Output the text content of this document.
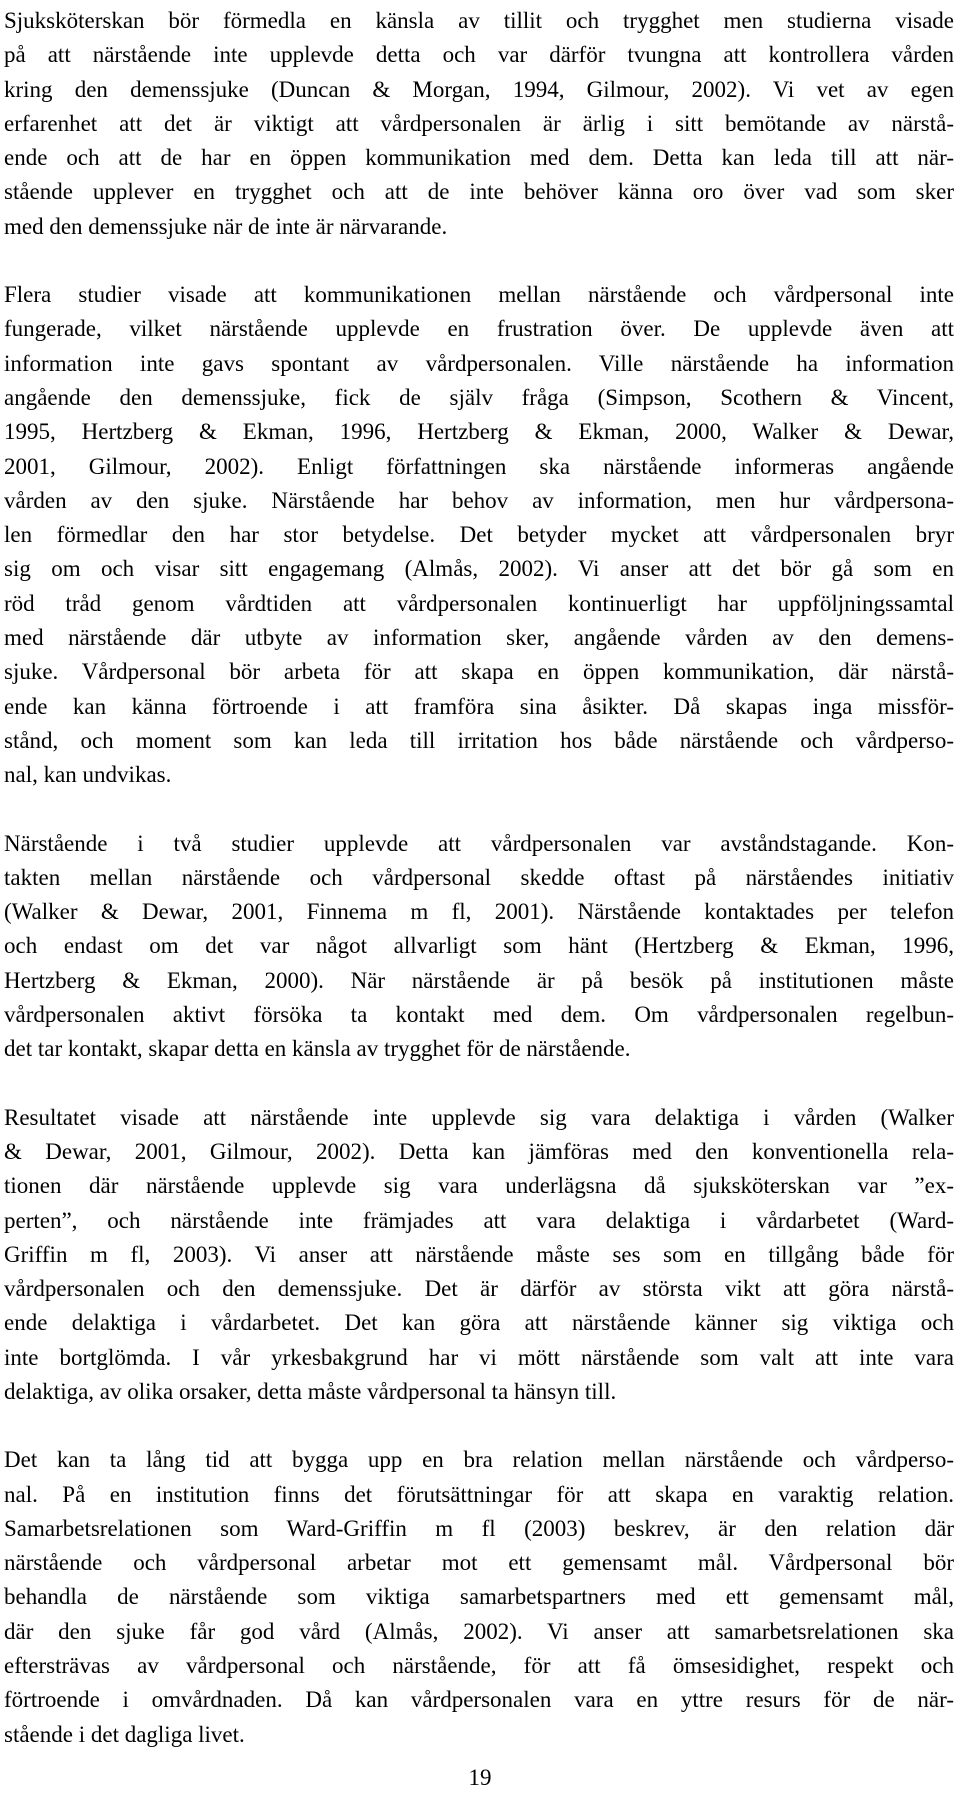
Sjuksköterskan bör förmedla en känsla av tillit och trygghet men studierna visade
på att närstående inte upplevde detta och var därför tvungna att kontrollera vården
kring den demenssjuke (Duncan & Morgan, 1994, Gilmour, 2002). Vi vet av egen
erfarenhet att det är viktigt att vårdpersonalen är ärlig i sitt bemötande av närstå-
ende och att de har en öppen kommunikation med dem. Detta kan leda till att när-
stående upplever en trygghet och att de inte behöver känna oro över vad som sker
med den demenssjuke när de inte är närvarande.
Flera studier visade att kommunikationen mellan närstående och vårdpersonal inte
fungerade, vilket närstående upplevde en frustration över. De upplevde även att
information inte gavs spontant av vårdpersonalen. Ville närstående ha information
angående den demenssjuke, fick de själv fråga (Simpson, Scothern & Vincent,
1995, Hertzberg & Ekman, 1996, Hertzberg & Ekman, 2000, Walker & Dewar,
2001, Gilmour, 2002). Enligt författningen ska närstående informeras angående
vården av den sjuke. Närstående har behov av information, men hur vårdpersona-
len förmedlar den har stor betydelse. Det betyder mycket att vårdpersonalen bryr
sig om och visar sitt engagemang (Almås, 2002). Vi anser att det bör gå som en
röd tråd genom vårdtiden att vårdpersonalen kontinuerligt har uppföljningssamtal
med närstående där utbyte av information sker, angående vården av den demens-
sjuke. Vårdpersonal bör arbeta för att skapa en öppen kommunikation, där närstå-
ende kan känna förtroende i att framföra sina åsikter. Då skapas inga missför-
stånd, och moment som kan leda till irritation hos både närstående och vårdperso-
nal, kan undvikas.
Närstående i två studier upplevde att vårdpersonalen var avståndstagande. Kon-
takten mellan närstående och vårdpersonal skedde oftast på närståendes initiativ
(Walker & Dewar, 2001, Finnema m fl, 2001). Närstående kontaktades per telefon
och endast om det var något allvarligt som hänt (Hertzberg & Ekman, 1996,
Hertzberg & Ekman, 2000). När närstående är på besök på institutionen måste
vårdpersonalen aktivt försöka ta kontakt med dem. Om vårdpersonalen regelbun-
det tar kontakt, skapar detta en känsla av trygghet för de närstående.
Resultatet visade att närstående inte upplevde sig vara delaktiga i vården (Walker
& Dewar, 2001, Gilmour, 2002). Detta kan jämföras med den konventionella rela-
tionen där närstående upplevde sig vara underlägsna då sjuksköterskan var ”ex-
perten”, och närstående inte främjades att vara delaktiga i vårdarbetet (Ward-
Griffin m fl, 2003). Vi anser att närstående måste ses som en tillgång både för
vårdpersonalen och den demenssjuke. Det är därför av största vikt att göra närstå-
ende delaktiga i vårdarbetet. Det kan göra att närstående känner sig viktiga och
inte bortglömda. I vår yrkesbakgrund har vi mött närstående som valt att inte vara
delaktiga, av olika orsaker, detta måste vårdpersonal ta hänsyn till.
Det kan ta lång tid att bygga upp en bra relation mellan närstående och vårdperso-
nal. På en institution finns det förutsättningar för att skapa en varaktig relation.
Samarbetsrelationen som Ward-Griffin m fl (2003) beskrev, är den relation där
närstående och vårdpersonal arbetar mot ett gemensamt mål. Vårdpersonal bör
behandla de närstående som viktiga samarbetspartners med ett gemensamt mål,
där den sjuke får god vård (Almås, 2002). Vi anser att samarbetsrelationen ska
eftersträvas av vårdpersonal och närstående, för att få ömsesidighet, respekt och
förtroende i omvårdnaden. Då kan vårdpersonalen vara en yttre resurs för de när-
stående i det dagliga livet.
19
